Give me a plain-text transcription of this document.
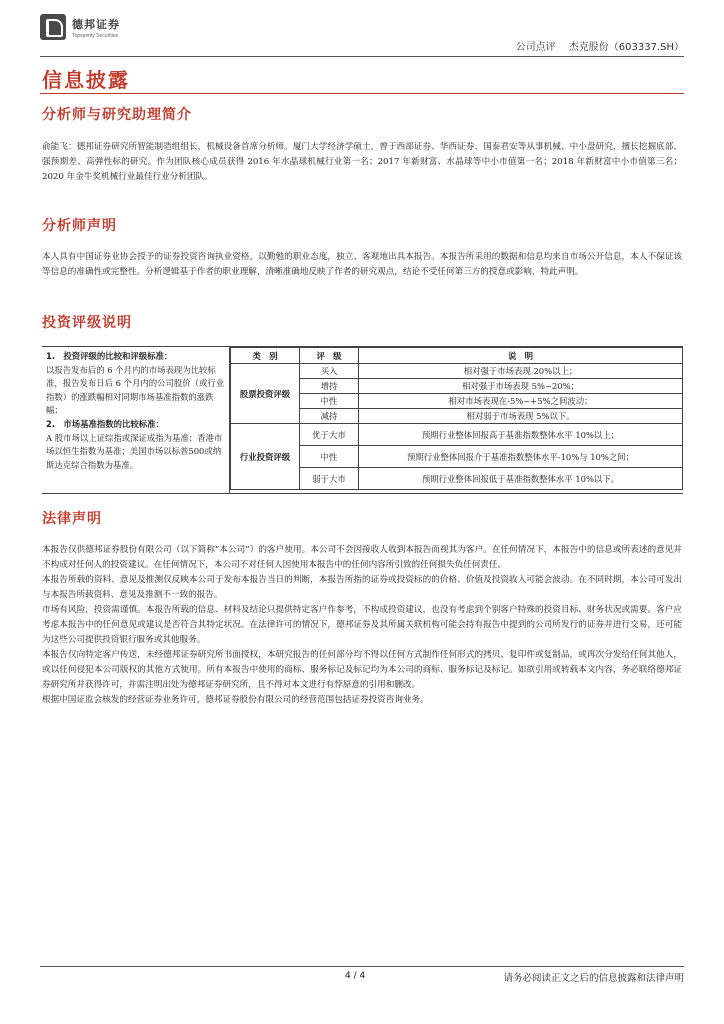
德邦证券
Topsperity Securities
公司点评 杰克股份（603337.SH）
信息披露
分析师与研究助理简介
俞能飞：德邦证券研究所智能制造组组长，机械设备首席分析师。厦门大学经济学硕士，曾于西部证券、华西证券、国泰君安等从事机械、中小盘研究，擅长挖掘底部、强预期差、高弹性标的研究。作为团队核心成员获得 2016 年水晶球机械行业第一名；2017 年新财富、水晶球等中小市值第一名；2018 年新财富中小市值第三名；2020 年金牛奖机械行业最佳行业分析团队。
分析师声明
本人具有中国证券业协会授予的证券投资咨询执业资格，以勤勉的职业态度，独立、客观地出具本报告。本报告所采用的数据和信息均来自市场公开信息，本人不保证该等信息的准确性或完整性。分析逻辑基于作者的职业理解，清晰准确地反映了作者的研究观点，结论不受任何第三方的授意或影响，特此声明。
投资评级说明
1.　投资评级的比较和评级标准：
以报告发布后的 6 个月内的市场表现为比较标准，报告发布日后 6 个月内的公司股价（或行业指数）的涨跌幅相对同期市场基准指数的涨跌幅；
2.　市场基准指数的比较标准：
A 股市场以上证综指或深证成指为基准；香港市场以恒生指数为基准；美国市场以标普500或纳斯达克综合指数为基准。
类　别	评　级	说　明
股票投资评级	买入	相对强于市场表现 20%以上；
	增持	相对强于市场表现 5%~20%；
	中性	相对市场表现在-5%~+5%之间波动；
	减持	相对弱于市场表现 5%以下。
行业投资评级	优于大市	预期行业整体回报高于基准指数整体水平 10%以上；
	中性	预期行业整体回报介于基准指数整体水平-10%与 10%之间；
	弱于大市	预期行业整体回报低于基准指数整体水平 10%以下。
法律声明

本报告仅供德邦证券股份有限公司（以下简称“本公司”）的客户使用。本公司不会因接收人收到本报告而视其为客户。在任何情况下，本报告中的信息或所表述的意见并不构成对任何人的投资建议。在任何情况下，本公司不对任何人因使用本报告中的任何内容所引致的任何损失负任何责任。

本报告所载的资料、意见及推测仅反映本公司于发布本报告当日的判断，本报告所指的证券或投资标的的价格、价值及投资收入可能会波动。在不同时期，本公司可发出与本报告所载资料、意见及推测不一致的报告。

市场有风险，投资需谨慎。本报告所载的信息、材料及结论只提供特定客户作参考，不构成投资建议，也没有考虑到个别客户特殊的投资目标、财务状况或需要。客户应考虑本报告中的任何意见或建议是否符合其特定状况。在法律许可的情况下，德邦证券及其所属关联机构可能会持有报告中提到的公司所发行的证券并进行交易，还可能为这些公司提供投资银行服务或其他服务。

本报告仅向特定客户传送，未经德邦证券研究所书面授权，本研究报告的任何部分均不得以任何方式制作任何形式的拷贝、复印件或复制品，或再次分发给任何其他人，或以任何侵犯本公司版权的其他方式使用。所有本报告中使用的商标、服务标记及标记均为本公司的商标、服务标记及标记。如欲引用或转载本文内容，务必联络德邦证券研究所并获得许可，并需注明出处为德邦证券研究所，且不得对本文进行有悖原意的引用和删改。

根据中国证监会核发的经营证券业务许可，德邦证券股份有限公司的经营范围包括证券投资咨询业务。

4 / 4	请务必阅读正文之后的信息披露和法律声明
